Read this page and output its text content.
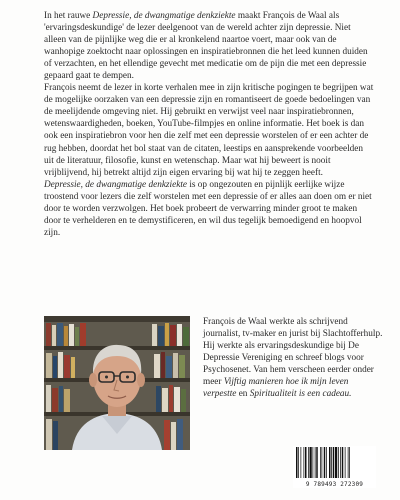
In het rauwe Depressie, de dwangmatige denkziekte maakt François de Waal als 'ervaringsdeskundige' de lezer deelgenoot van de wereld achter zijn depressie. Niet alleen van de pijnlijke weg die er al kronkelend naartoe voert, maar ook van de wanhopige zoektocht naar oplossingen en inspiratiebronnen die het leed kunnen duiden of verzachten, en het ellendige gevecht met medicatie om de pijn die met een depressie gepaard gaat te dempen.

François neemt de lezer in korte verhalen mee in zijn kritische pogingen te begrijpen wat de mogelijke oorzaken van een depressie zijn en romantiseert de goede bedoelingen van de meelijdende omgeving niet. Hij gebruikt en verwijst veel naar inspiratiebronnen, wetenswaardigheden, boeken, YouTube-filmpjes en online informatie. Het boek is dan ook een inspiratiebron voor hen die zelf met een depressie worstelen of er een achter de rug hebben, doordat het bol staat van de citaten, leestips en aansprekende voorbeelden uit de literatuur, filosofie, kunst en wetenschap. Maar wat hij beweert is nooit vrijblijvend, hij betrekt altijd zijn eigen ervaring bij wat hij te zeggen heeft.

Depressie, de dwangmatige denkziekte is op ongezouten en pijnlijk eerlijke wijze troostend voor lezers die zelf worstelen met een depressie of er alles aan doen om er niet door te worden verzwolgen. Het boek probeert de verwarring minder groot te maken door te verhelderen en te demystificeren, en wil dus tegelijk bemoedigend en hoopvol zijn.

François de Waal werkte als schrijvend journalist, tv-maker en jurist bij Slachtofferhulp. Hij werkte als ervaringsdeskundige bij De Depressie Vereniging en schreef blogs voor Psychosenet. Van hem verscheen eerder onder meer Vijftig manieren hoe ik mijn leven verpestte en Spiritualiteit is een cadeau.

9 789493 272309
